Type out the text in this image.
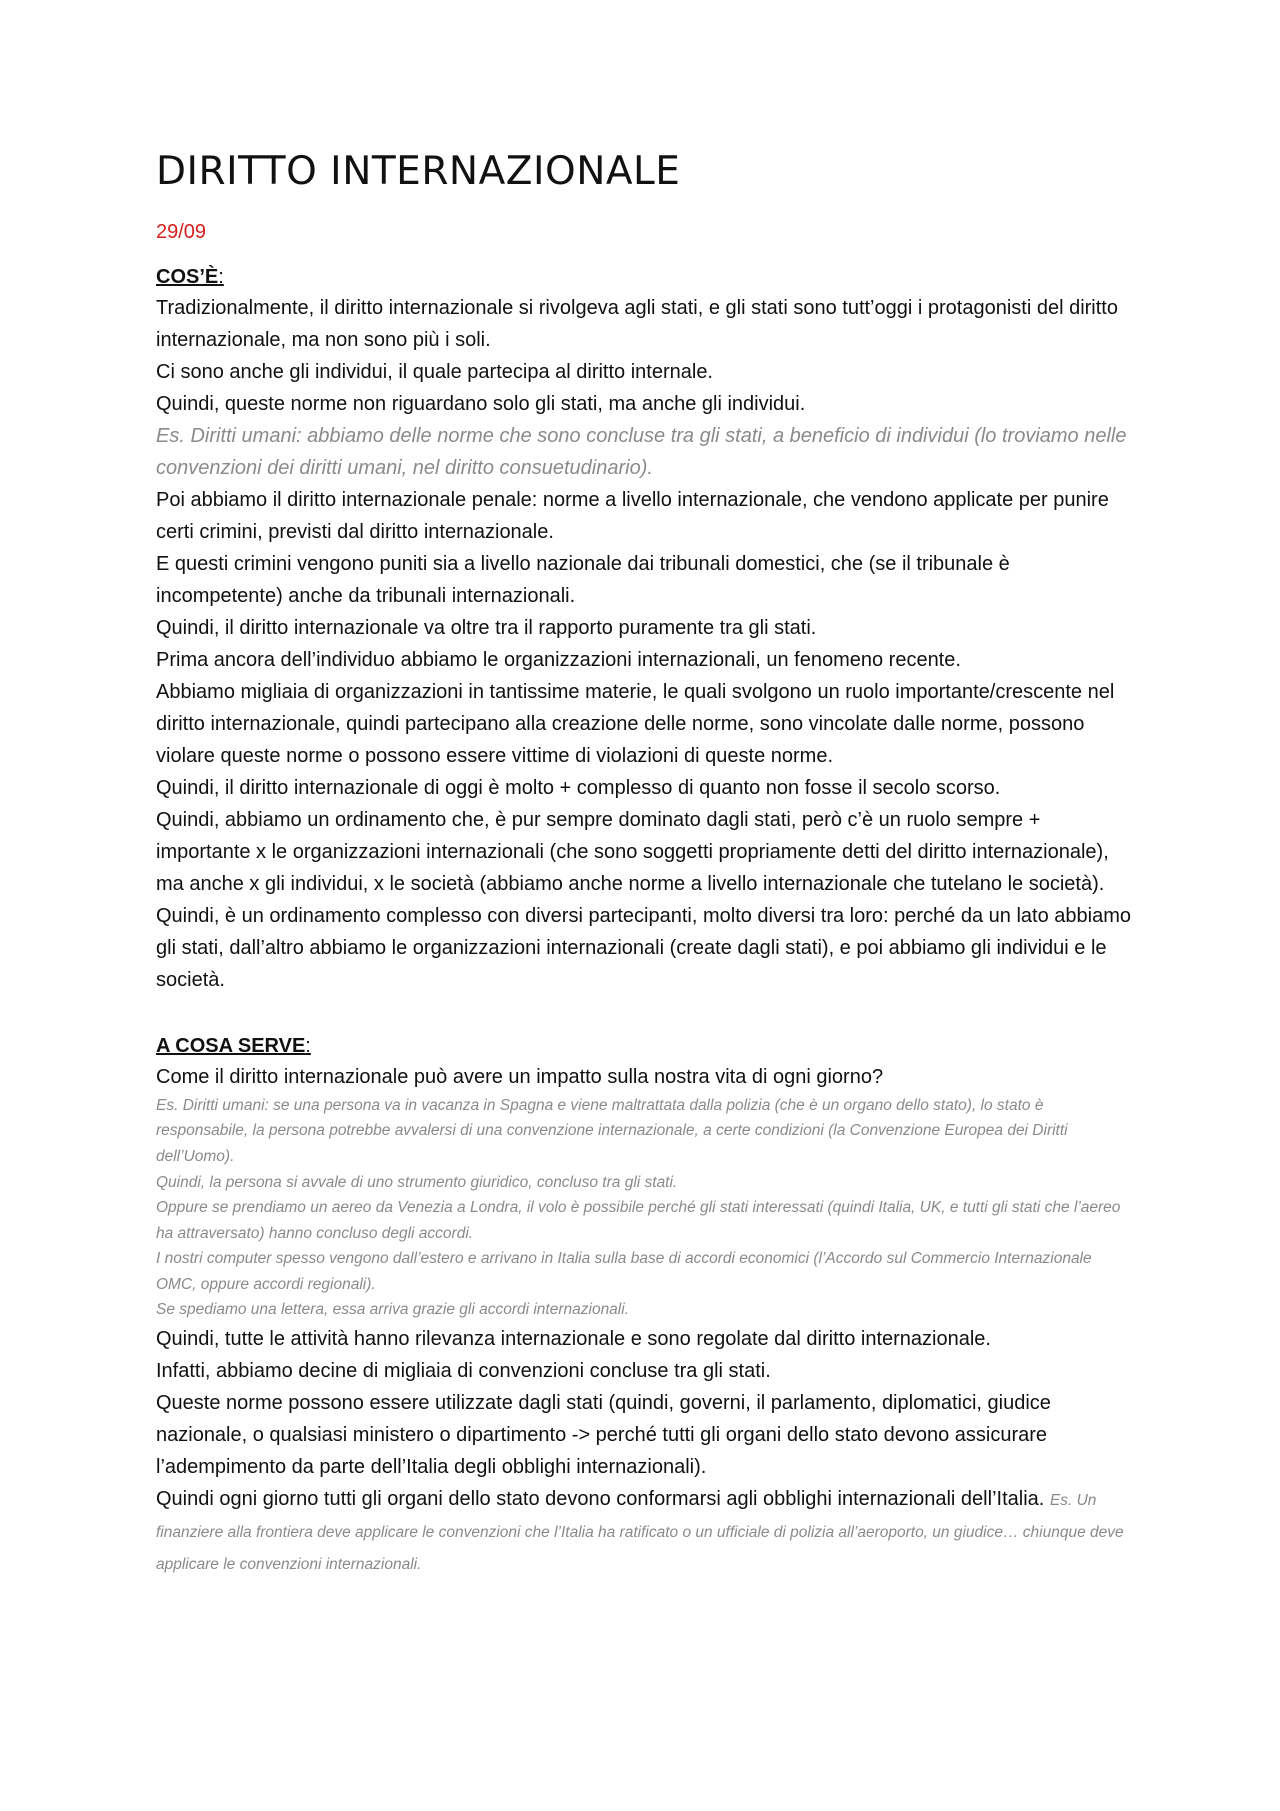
DIRITTO INTERNAZIONALE

29/09

COS’È:

Tradizionalmente, il diritto internazionale si rivolgeva agli stati, e gli stati sono tutt’oggi i protagonisti del diritto internazionale, ma non sono più i soli.

Ci sono anche gli individui, il quale partecipa al diritto internale.

Quindi, queste norme non riguardano solo gli stati, ma anche gli individui.

Es. Diritti umani: abbiamo delle norme che sono concluse tra gli stati, a beneficio di individui (lo troviamo nelle convenzioni dei diritti umani, nel diritto consuetudinario).

Poi abbiamo il diritto internazionale penale: norme a livello internazionale, che vendono applicate per punire certi crimini, previsti dal diritto internazionale.

E questi crimini vengono puniti sia a livello nazionale dai tribunali domestici, che (se il tribunale è incompetente) anche da tribunali internazionali.

Quindi, il diritto internazionale va oltre tra il rapporto puramente tra gli stati.

Prima ancora dell’individuo abbiamo le organizzazioni internazionali, un fenomeno recente.

Abbiamo migliaia di organizzazioni in tantissime materie, le quali svolgono un ruolo importante/crescente nel diritto internazionale, quindi partecipano alla creazione delle norme, sono vincolate dalle norme, possono violare queste norme o possono essere vittime di violazioni di queste norme.

Quindi, il diritto internazionale di oggi è molto + complesso di quanto non fosse il secolo scorso.

Quindi, abbiamo un ordinamento che, è pur sempre dominato dagli stati, però c’è un ruolo sempre + importante x le organizzazioni internazionali (che sono soggetti propriamente detti del diritto internazionale), ma anche x gli individui, x le società (abbiamo anche norme a livello internazionale che tutelano le società).

Quindi, è un ordinamento complesso con diversi partecipanti, molto diversi tra loro: perché da un lato abbiamo gli stati, dall’altro abbiamo le organizzazioni internazionali (create dagli stati), e poi abbiamo gli individui e le società.

A COSA SERVE:

Come il diritto internazionale può avere un impatto sulla nostra vita di ogni giorno?

Es. Diritti umani: se una persona va in vacanza in Spagna e viene maltrattata dalla polizia (che è un organo dello stato), lo stato è responsabile, la persona potrebbe avvalersi di una convenzione internazionale, a certe condizioni (la Convenzione Europea dei Diritti dell’Uomo).

Quindi, la persona si avvale di uno strumento giuridico, concluso tra gli stati.

Oppure se prendiamo un aereo da Venezia a Londra, il volo è possibile perché gli stati interessati (quindi Italia, UK, e tutti gli stati che l’aereo ha attraversato) hanno concluso degli accordi.

I nostri computer spesso vengono dall’estero e arrivano in Italia sulla base di accordi economici (l’Accordo sul Commercio Internazionale OMC, oppure accordi regionali).

Se spediamo una lettera, essa arriva grazie gli accordi internazionali.

Quindi, tutte le attività hanno rilevanza internazionale e sono regolate dal diritto internazionale.

Infatti, abbiamo decine di migliaia di convenzioni concluse tra gli stati.

Queste norme possono essere utilizzate dagli stati (quindi, governi, il parlamento, diplomatici, giudice nazionale, o qualsiasi ministero o dipartimento -> perché tutti gli organi dello stato devono assicurare l’adempimento da parte dell’Italia degli obblighi internazionali).

Quindi ogni giorno tutti gli organi dello stato devono conformarsi agli obblighi internazionali dell’Italia. Es. Un finanziere alla frontiera deve applicare le convenzioni che l’Italia ha ratificato o un ufficiale di polizia all’aeroporto, un giudice… chiunque deve applicare le convenzioni internazionali.
